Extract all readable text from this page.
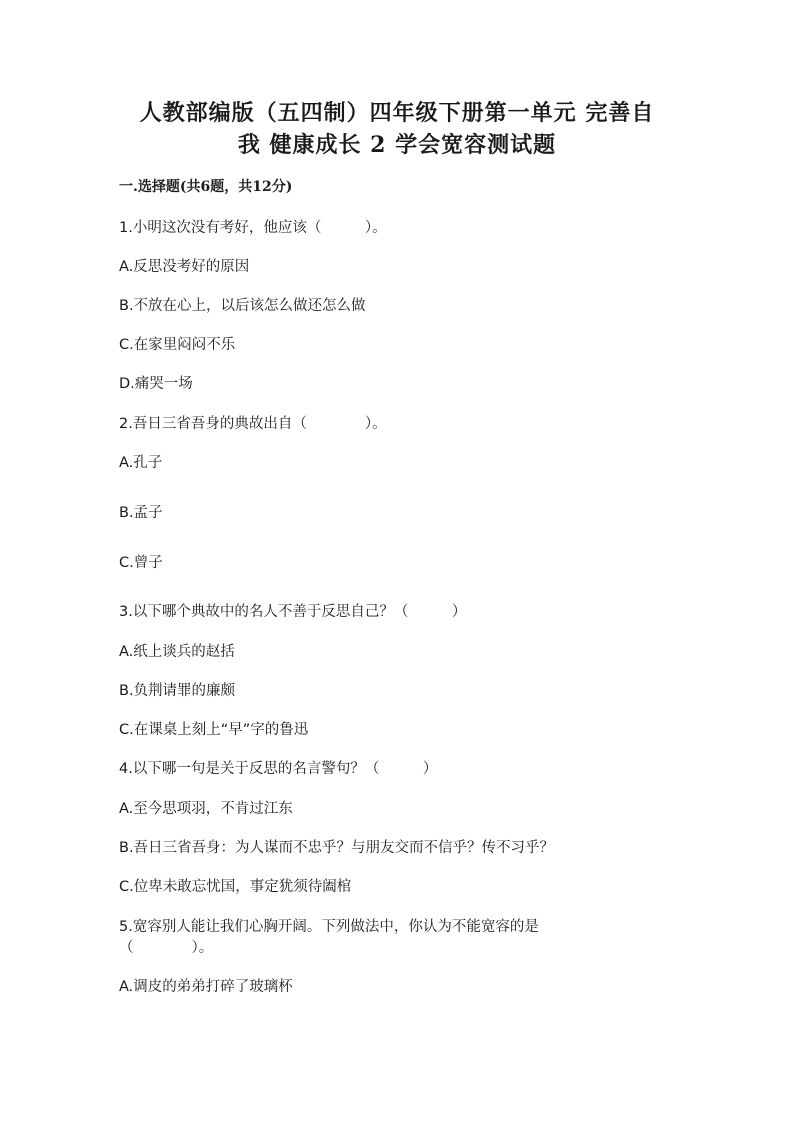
人教部编版（五四制）四年级下册第一单元 完善自
我 健康成长 2 学会宽容测试题
一.选择题(共6题，共12分)
1.小明这次没有考好，他应该（　　　）。
A.反思没考好的原因
B.不放在心上，以后该怎么做还怎么做
C.在家里闷闷不乐
D.痛哭一场
2.吾日三省吾身的典故出自（　　　　）。
A.孔子
B.孟子
C.曾子
3.以下哪个典故中的名人不善于反思自己？（　　　）
A.纸上谈兵的赵括
B.负荆请罪的廉颇
C.在课桌上刻上“早”字的鲁迅
4.以下哪一句是关于反思的名言警句？（　　　）
A.至今思项羽，不肯过江东
B.吾日三省吾身：为人谋而不忠乎？与朋友交而不信乎？传不习乎？
C.位卑未敢忘忧国，事定犹须待阖棺
5.宽容别人能让我们心胸开阔。下列做法中，你认为不能宽容的是
（　　　　）。
A.调皮的弟弟打碎了玻璃杯
